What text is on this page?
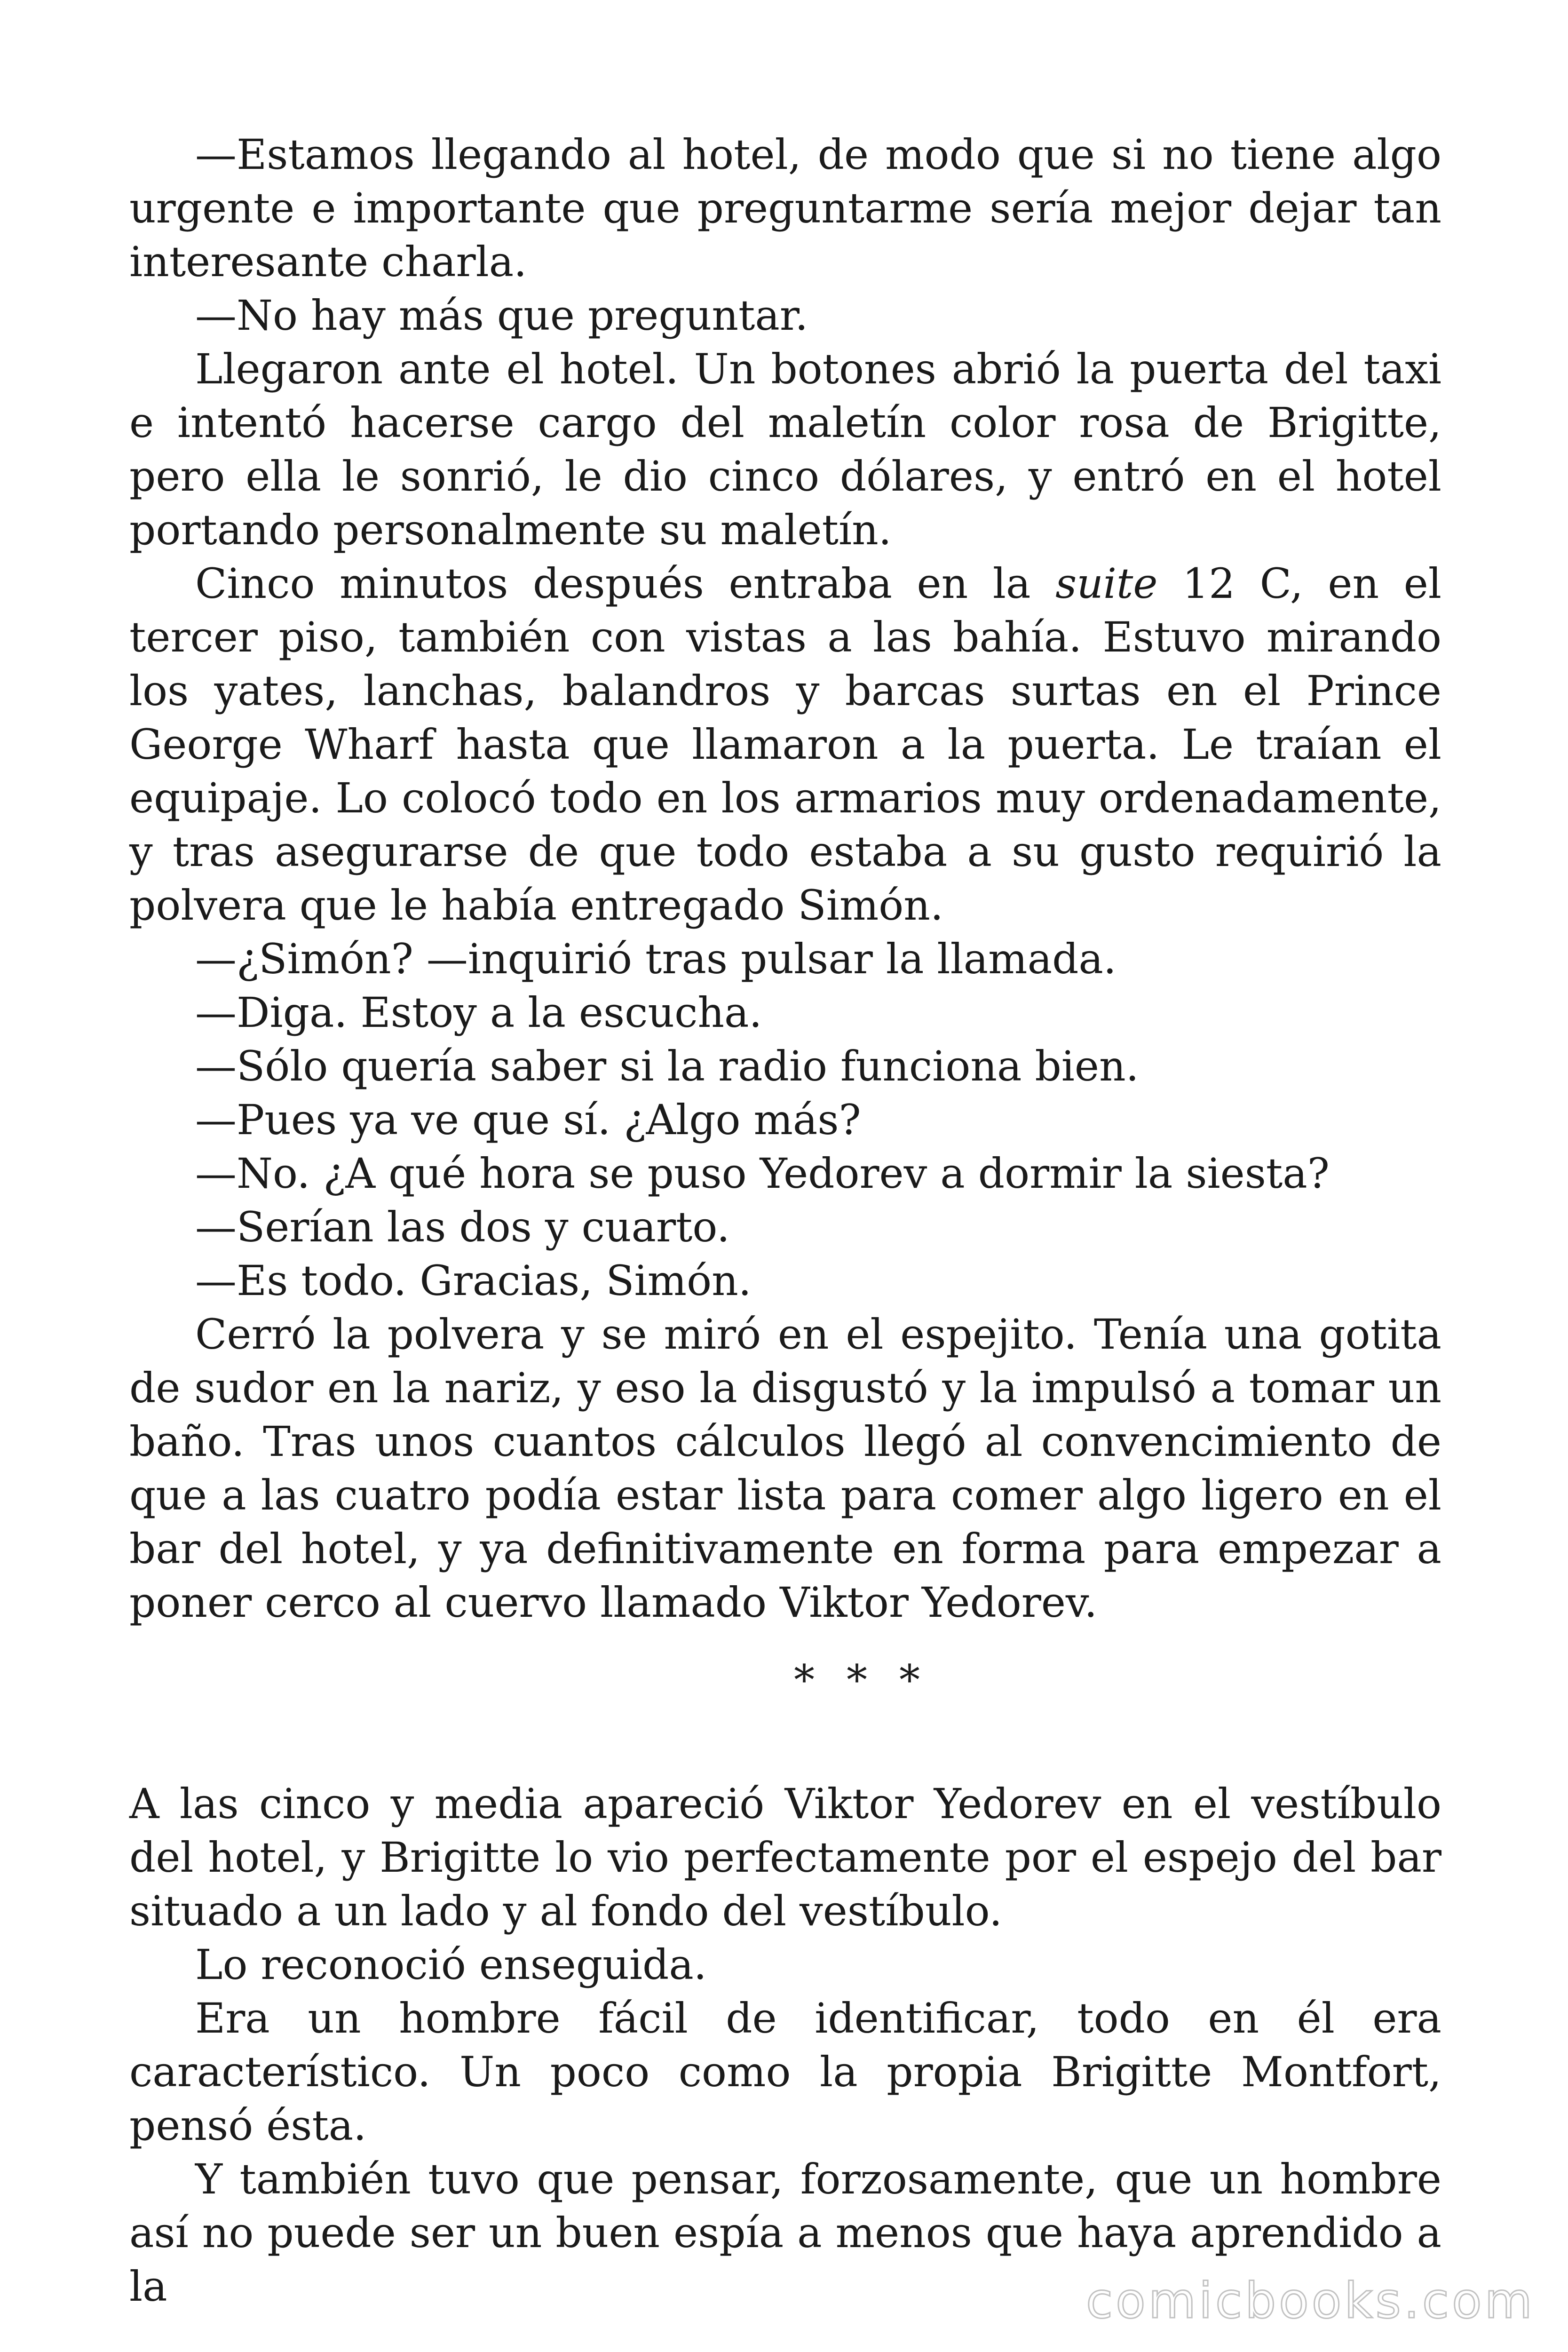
—Estamos llegando al hotel, de modo que si no tiene algo urgente e importante que preguntarme sería mejor dejar tan interesante charla.

—No hay más que preguntar.

Llegaron ante el hotel. Un botones abrió la puerta del taxi e intentó hacerse cargo del maletín color rosa de Brigitte, pero ella le sonrió, le dio cinco dólares, y entró en el hotel portando personalmente su maletín.

Cinco minutos después entraba en la suite 12 C, en el tercer piso, también con vistas a las bahía. Estuvo mirando los yates, lanchas, balandros y barcas surtas en el Prince George Wharf hasta que llamaron a la puerta. Le traían el equipaje. Lo colocó todo en los armarios muy ordenadamente, y tras asegurarse de que todo estaba a su gusto requirió la polvera que le había entregado Simón.

—¿Simón? —inquirió tras pulsar la llamada.

—Diga. Estoy a la escucha.

—Sólo quería saber si la radio funciona bien.

—Pues ya ve que sí. ¿Algo más?

—No. ¿A qué hora se puso Yedorev a dormir la siesta?

—Serían las dos y cuarto.

—Es todo. Gracias, Simón.

Cerró la polvera y se miró en el espejito. Tenía una gotita de sudor en la nariz, y eso la disgustó y la impulsó a tomar un baño. Tras unos cuantos cálculos llegó al convencimiento de que a las cuatro podía estar lista para comer algo ligero en el bar del hotel, y ya definitivamente en forma para empezar a poner cerco al cuervo llamado Viktor Yedorev.

* * *

A las cinco y media apareció Viktor Yedorev en el vestíbulo del hotel, y Brigitte lo vio perfectamente por el espejo del bar situado a un lado y al fondo del vestíbulo.

Lo reconoció enseguida.

Era un hombre fácil de identificar, todo en él era característico. Un poco como la propia Brigitte Montfort, pensó ésta.

Y también tuvo que pensar, forzosamente, que un hombre así no puede ser un buen espía a menos que haya aprendido a la	comicbooks.com
